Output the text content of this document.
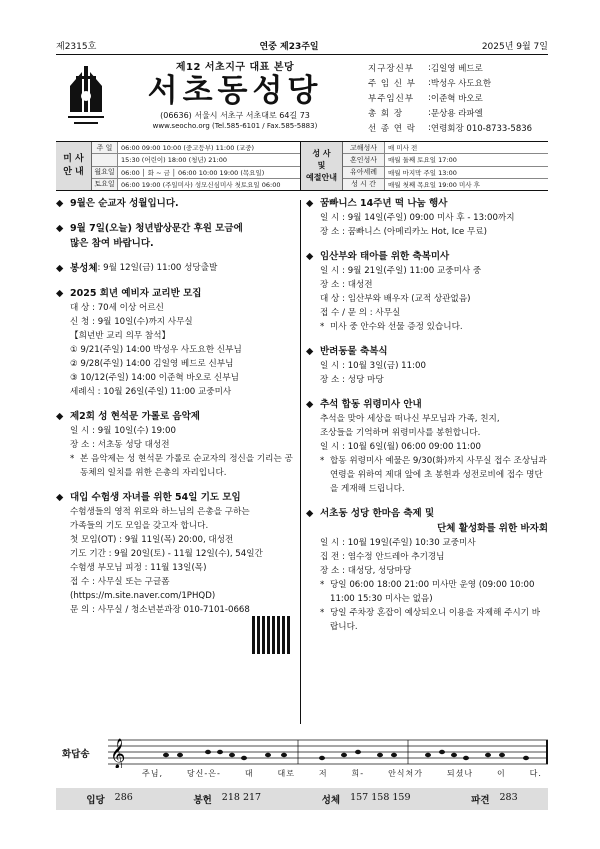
제2315호	연중 제23주일	2025년 9월 7일
제12 서초지구 대표 본당
서초동성당
(06636) 서울시 서초구 서초대로 64길 73
www.seocho.org (Tel.585-6101 / Fax.585-5883)
지구장신부	: 김일영 베드로
주 임 신 부	: 박성우 사도요한
부주임신부	: 이준혁 바오로
총 회 장	: 문상용 라파엘
선 종 연 락	: 연령회장 010-8733-5836
미 사
안 내
주 일	06:00 09:00 10:00 (중고등부) 11:00 (교중)
15:30 (어린이) 18:00 (청년) 21:00
월요일 06:00 │ 화 ~ 금 │ 06:00 10:00 19:00 (목요일)
토요일 06:00 19:00 (주일미사) 성모신심미사 첫토요일 06:00
성 사
및
예절안내
고해성사	매 미사 전
혼인성사	매월 둘째 토요일 17:00
유아세례	매월 마지막 주일 13:00
성 시 간	매월 첫째 목요일 19:00 미사 후
◆ 9월은 순교자 성월입니다.
◆ 9월 7일(오늘) 청년밥상문간 후원 모금에
많은 참여 바랍니다.
◆ 봉성체 : 9월 12일(금) 11:00 성당출발
◆ 2025 희년 예비자 교리반 모집
대 상 : 70세 이상 어르신
신 청 : 9월 10일(수)까지 사무실
【희년반 교리 의무 참석】
① 9/21(주일) 14:00 박성우 사도요한 신부님
② 9/28(주일) 14:00 김일영 베드로 신부님
③ 10/12(주일) 14:00 이준혁 바오로 신부님
세례식 : 10월 26일(주일) 11:00 교중미사
◆ 제2회 성 현석문 가롤로 음악제
일 시 : 9월 10일(수) 19:00
장 소 : 서초동 성당 대성전
* 본 음악제는 성 현석문 가롤로 순교자의 정신을 기리는 공동체의 일치를 위한 은총의 자리입니다.
◆ 대입 수험생 자녀를 위한 54일 기도 모임
수험생들의 영적 위로와 하느님의 은총을 구하는
가족들의 기도 모임을 갖고자 합니다.
첫 모임(OT) : 9월 11일(목) 20:00, 대성전
기도 기간 : 9월 20일(토) - 11월 12일(수), 54일간
수험생 부모님 피정 : 11월 13일(목)
접 수 : 사무실 또는 구글폼
(https://m.site.naver.com/1PHQD)
문 의 : 사무실 / 청소년분과장 010-7101-0668
◆ 꿈빠니스 14주년 떡 나눔 행사
일 시 : 9월 14일(주일) 09:00 미사 후 - 13:00까지
장 소 : 꿈빠니스 (아메리카노 Hot, Ice 무료)
◆ 임산부와 태아를 위한 축복미사
일 시 : 9월 21일(주일) 11:00 교중미사 중
장 소 : 대성전
대 상 : 임산부와 배우자 (교적 상관없음)
접 수 / 문 의 : 사무실
* 미사 중 안수와 선물 증정 있습니다.
◆ 반려동물 축복식
일 시 : 10월 3일(금) 11:00
장 소 : 성당 마당
◆ 추석 합동 위령미사 안내
추석을 맞아 세상을 떠나신 부모님과 가족, 친지,
조상들을 기억하며 위령미사를 봉헌합니다.
일 시 : 10월 6일(월) 06:00 09:00 11:00
* 합동 위령미사 예물은 9/30(화)까지 사무실 접수 조상님과 연령을 위하여 제대 앞에 초 봉헌과 성전로비에 접수 명단을 게재해 드립니다.
◆ 서초동 성당 한마음 축제 및
단체 활성화를 위한 바자회
일 시 : 10월 19일(주일) 10:30 교중미사
집 전 : 염수정 안드레아 추기경님
장 소 : 대성당, 성당마당
* 당일 06:00 18:00 21:00 미사만 운영 (09:00 10:00 11:00 15:30 미사는 없음)
* 당일 주차장 혼잡이 예상되오니 이용을 자제해 주시기 바랍니다.
화답송 𝄞
주님,	당신-은-	대	대로	저	희-	안식처가	되셨나	이	다.
입당 286	봉헌 218 217	성체 157 158 159	파견 283
